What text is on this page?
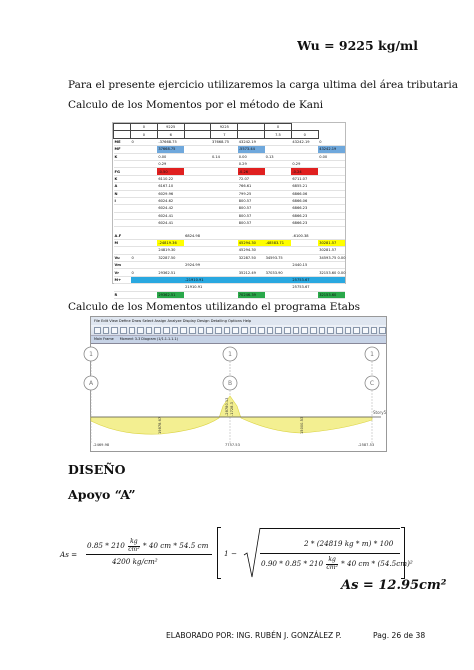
Wu = 9225 kg/ml
Para el presente ejercicio utilizaremos la carga ultima del área tributaria
Calculo de los Momentos por el método de Kani
	0	9225		9225		0		
	0	6		7		7.5	0	
ME	0	-37668.75		37668.75	43242.19		43242.19	0
MF		37668.75			-5573.44			43242.19
K		0.00		0.14	0.00	0.13		0.00
		0.29			0.29		0.29	
FG		-0.50			-0.26		-0.24	
K		6110.22			72.07		6711.07	
A		6167.10			766.61		6855.21	
N		6029.96			799.25		6866.06	
I		6024.62			800.57		6866.06	
		6024.42			800.57		6866.23	
		6024.41			800.57		6866.23	
		6024.41			800.57		6866.23	

A.F			6824.98				-6100.38	
M		-24819.36			45294.30	-48583.71		30281.57
		24819.30			45294.30			30281.57
Vu	0	32287.50			32287.50	34593.75		34593.75 0.00
Vm			2924.99				2440.15	
Vr	0	29362.51			35212.49	37033.90		32153.60 0.00
M+			-21910.91				25753.67	
			21910.91				25753.67	
R		29362.51			70246.39			32153.60
Calculo de los Momentos utilizando el programa Etabs
File Edit View Define Draw Select Assign Analyze Display Design Detailing Options Help
Main Frame Moment 3-3 Diagram (1/1.1.1.1.1)
1
A
1
B
1
C
Story5
-2469.98
19878.67
-28780.13 -1728.3
7757.53
15000.53
-2587.53
DISEÑO
Apoyo “A”
As =
$0.85 * 210 \frac{kg}{\text{cm²}} * 40$ cm * 54.5 cm
4200 kg/cm²
1 −
2 * (24819 kg * m) * 100
$0.90 * 0.85 * 210 \frac{kg}{\text{cm²}} * 40$ cm * (54.5cm)²
As = 12.95cm²
ELABORADO POR: ING. RUBÉN J. GONZÁLEZ P.	Pag. 26 de 38
